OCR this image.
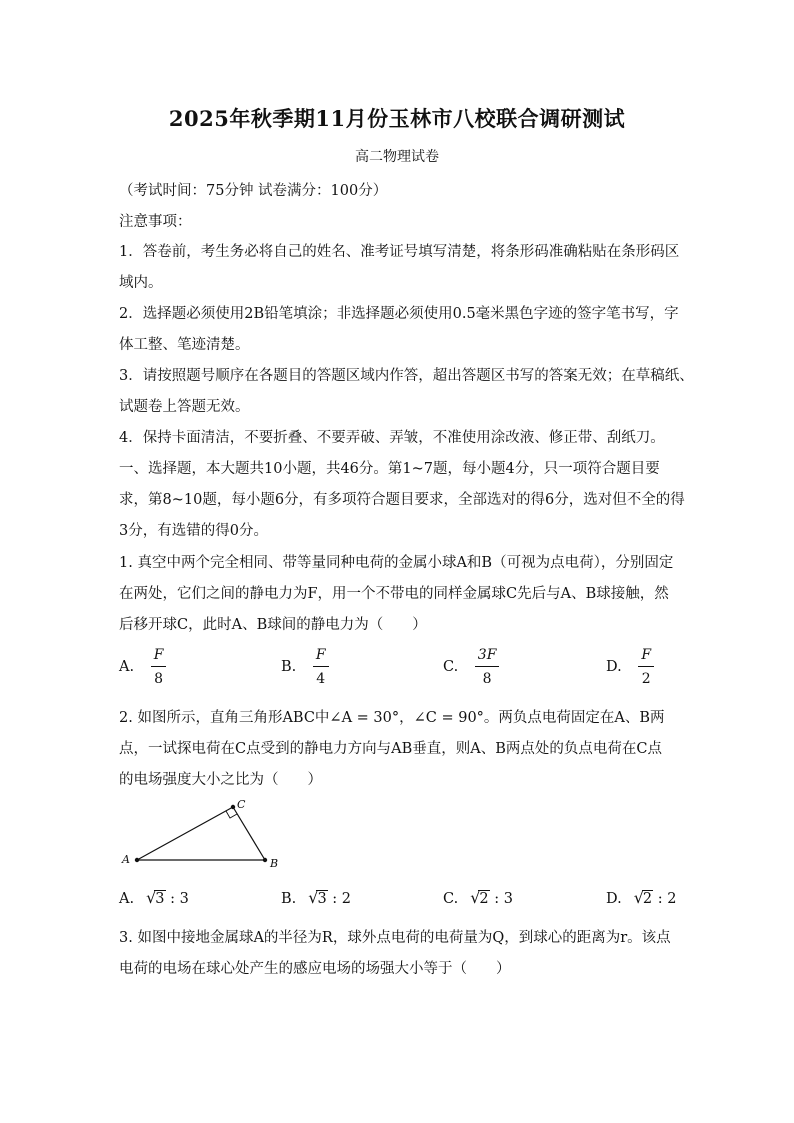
2025年秋季期11月份玉林市八校联合调研测试
高二物理试卷
（考试时间：75分钟 试卷满分：100分）
注意事项：
1．答卷前，考生务必将自己的姓名、准考证号填写清楚，将条形码准确粘贴在条形码区
域内。
2．选择题必须使用2B铅笔填涂；非选择题必须使用0.5毫米黑色字迹的签字笔书写，字
体工整、笔迹清楚。
3．请按照题号顺序在各题目的答题区域内作答，超出答题区书写的答案无效；在草稿纸、
试题卷上答题无效。
4．保持卡面清洁，不要折叠、不要弄破、弄皱，不准使用涂改液、修正带、刮纸刀。
一、选择题，本大题共10小题，共46分。第1~7题，每小题4分，只一项符合题目要
求，第8~10题，每小题6分，有多项符合题目要求，全部选对的得6分，选对但不全的得
3分，有选错的得0分。
1. 真空中两个完全相同、带等量同种电荷的金属小球A和B（可视为点电荷），分别固定
在两处，它们之间的静电力为F，用一个不带电的同样金属球C先后与A、B球接触，然
后移开球C，此时A、B球间的静电力为（　　）
A. $\frac{F}{8}$	B. $\frac{F}{4}$	C. $\frac{3F}{8}$	D. $\frac{F}{2}$
2. 如图所示，直角三角形ABC中∠A = 30°，∠C = 90°。两负点电荷固定在A、B两
点，一试探电荷在C点受到的静电力方向与AB垂直，则A、B两点处的负点电荷在C点
的电场强度大小之比为（　　）
A	B
C
A. √3 : 3	B. √3 : 2	C. √2 : 3	D. √2 : 2
3. 如图中接地金属球A的半径为R，球外点电荷的电荷量为Q，到球心的距离为r。该点
电荷的电场在球心处产生的感应电场的场强大小等于（　　）
